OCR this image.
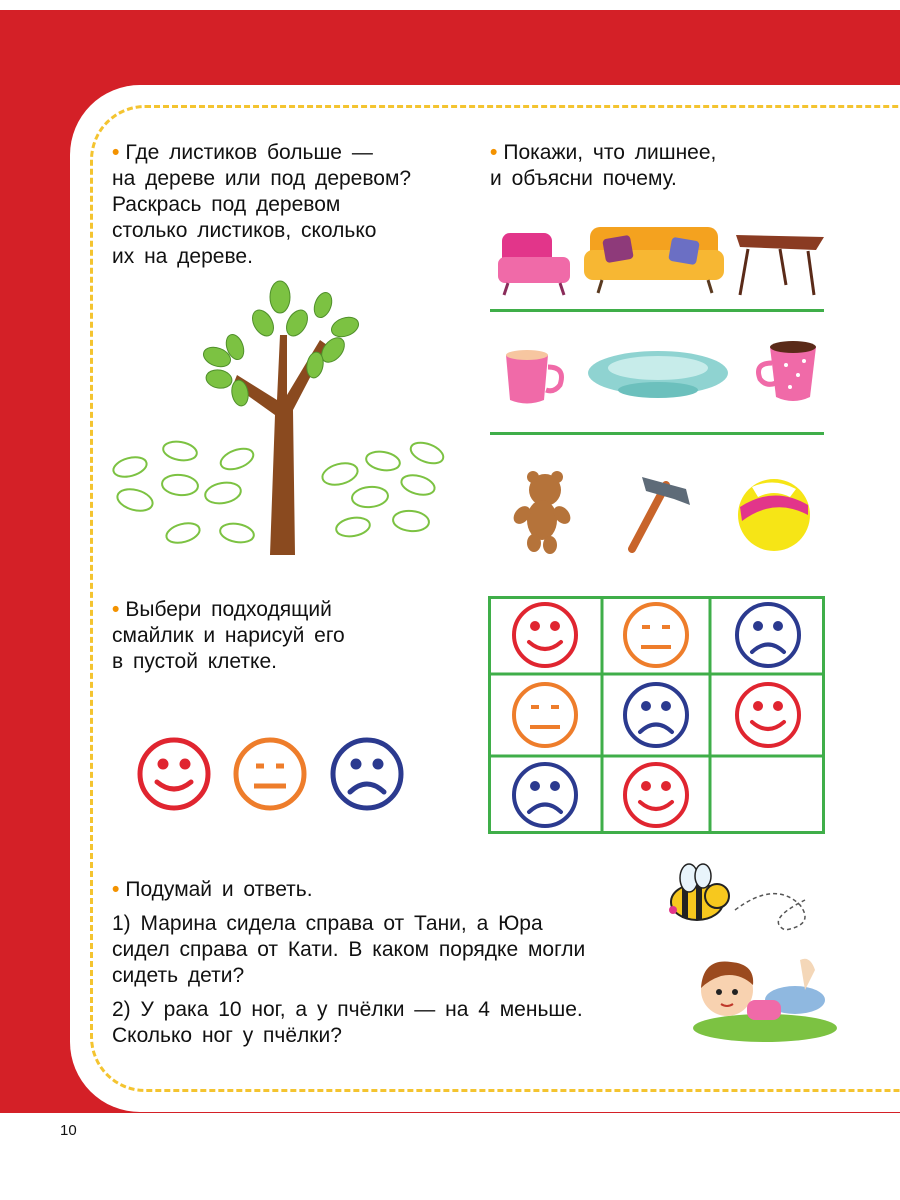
• Где листиков больше —
на дереве или под деревом?
Раскрась под деревом
столько листиков, сколько
их на дереве.
• Покажи, что лишнее,
и объясни почему.
• Выбери подходящий
смайлик и нарисуй его
в пустой клетке.
• Подумай и ответь.
1) Марина сидела справа от Тани, а Юра
сидел справа от Кати. В каком порядке могли
сидеть дети?
2) У рака 10 ног, а у пчёлки — на 4 меньше.
Сколько ног у пчёлки?
10
